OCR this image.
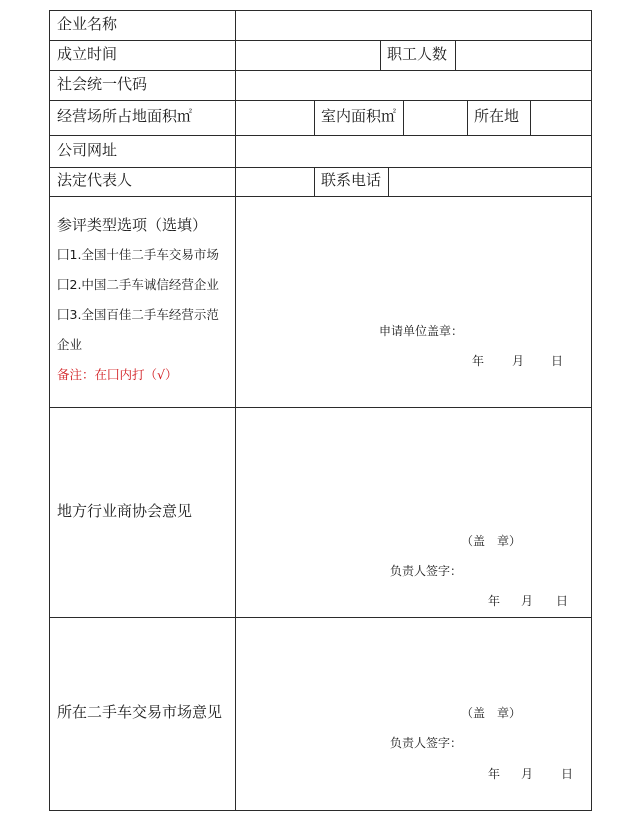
企业名称
成立时间	职工人数
社会统一代码
经营场所占地面积㎡	室内面积㎡	所在地
公司网址
法定代表人	联系电话
参评类型选项（选填）
囗1.全国十佳二手车交易市场
囗2.中国二手车诚信经营企业
囗3.全国百佳二手车经营示范
企业
备注：在囗内打（√）
申请单位盖章：
年 月 日
地方行业商协会意见
（盖　章）
负责人签字：
年 月 日
所在二手车交易市场意见	（盖　章）
负责人签字：
年 月 日
